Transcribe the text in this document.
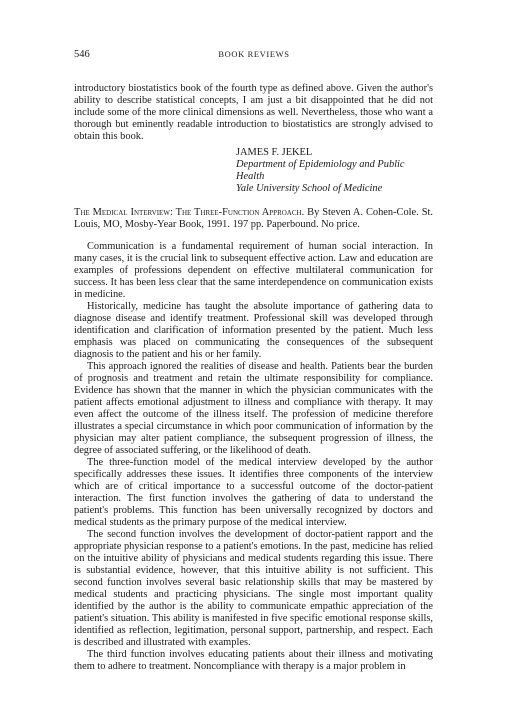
546	BOOK REVIEWS

introductory biostatistics book of the fourth type as defined above. Given the author's ability to describe statistical concepts, I am just a bit disappointed that he did not include some of the more clinical dimensions as well. Nevertheless, those who want a thorough but eminently readable introduction to biostatistics are strongly advised to obtain this book.

JAMES F. JEKEL
Department of Epidemiology and Public Health
Yale University School of Medicine

The Medical Interview: The Three-Function Approach. By Steven A. Cohen-Cole. St. Louis, MO, Mosby-Year Book, 1991. 197 pp. Paperbound. No price.

Communication is a fundamental requirement of human social interaction. In many cases, it is the crucial link to subsequent effective action. Law and education are examples of professions dependent on effective multilateral communication for success. It has been less clear that the same interdependence on communication exists in medicine.

Historically, medicine has taught the absolute importance of gathering data to diagnose disease and identify treatment. Professional skill was developed through identification and clarification of information presented by the patient. Much less emphasis was placed on communicating the consequences of the subsequent diagnosis to the patient and his or her family.

This approach ignored the realities of disease and health. Patients bear the burden of prognosis and treatment and retain the ultimate responsibility for compliance. Evidence has shown that the manner in which the physician communicates with the patient affects emotional adjustment to illness and compliance with therapy. It may even affect the outcome of the illness itself. The profession of medicine therefore illustrates a special circumstance in which poor communication of information by the physician may alter patient compliance, the subsequent progression of illness, the degree of associated suffering, or the likelihood of death.

The three-function model of the medical interview developed by the author specifically addresses these issues. It identifies three components of the interview which are of critical importance to a successful outcome of the doctor-patient interaction. The first function involves the gathering of data to understand the patient's problems. This function has been universally recognized by doctors and medical students as the primary purpose of the medical interview.

The second function involves the development of doctor-patient rapport and the appropriate physician response to a patient's emotions. In the past, medicine has relied on the intuitive ability of physicians and medical students regarding this issue. There is substantial evidence, however, that this intuitive ability is not sufficient. This second function involves several basic relationship skills that may be mastered by medical students and practicing physicians. The single most important quality identified by the author is the ability to communicate empathic appreciation of the patient's situation. This ability is manifested in five specific emotional response skills, identified as reflection, legitimation, personal support, partnership, and respect. Each is described and illustrated with examples.

The third function involves educating patients about their illness and motivating them to adhere to treatment. Noncompliance with therapy is a major problem in
